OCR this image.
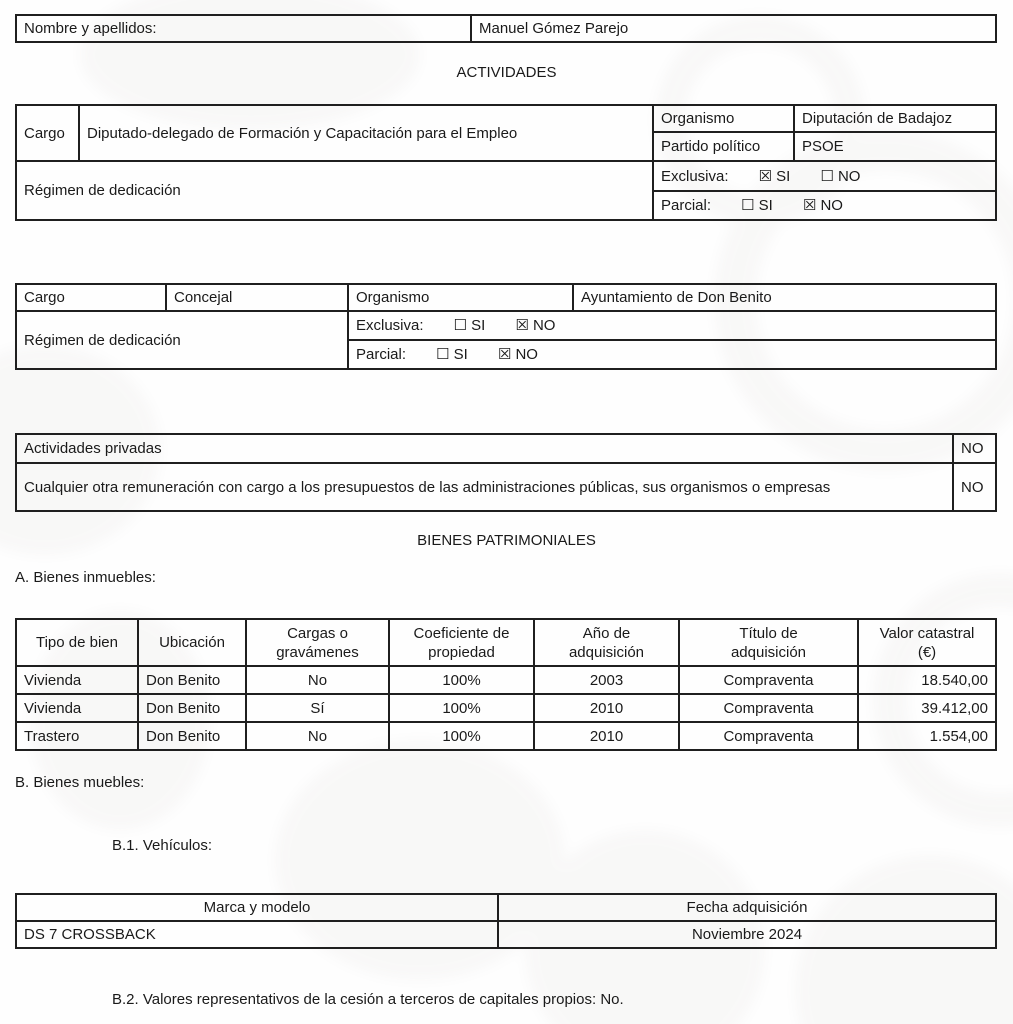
Nombre y apellidos:	Manuel Gómez Parejo
ACTIVIDADES
Cargo	Diputado-delegado de Formación y Capacitación para el Empleo	Organismo	Diputación de Badajoz
		Partido político	PSOE
Régimen de dedicación		Exclusiva: ☒ SI ☐ NO	

		Parcial: ☐ SI ☒ NO	
Cargo	Concejal	Organismo	Ayuntamiento de Don Benito
Régimen de dedicación		Exclusiva: ☐ SI ☒ NO	

		Parcial: ☐ SI ☒ NO	
Actividades privadas	NO

Cualquier otra remuneración con cargo a los presupuestos de las administraciones públicas, sus organismos o empresas	NO
BIENES PATRIMONIALES
A. Bienes inmuebles:
Tipo de bien	Ubicación	Cargas o gravámenes	Coeficiente de propiedad	Año de adquisición	Título de adquisición	Valor catastral (€)
Vivienda	Don Benito	No	100%	2003	Compraventa	18.540,00
Vivienda	Don Benito	Sí	100%	2010	Compraventa	39.412,00
Trastero	Don Benito	No	100%	2010	Compraventa	1.554,00
B. Bienes muebles:
B.1. Vehículos:
Marca y modelo	Fecha adquisición
DS 7 CROSSBACK	Noviembre 2024
B.2. Valores representativos de la cesión a terceros de capitales propios: No.
